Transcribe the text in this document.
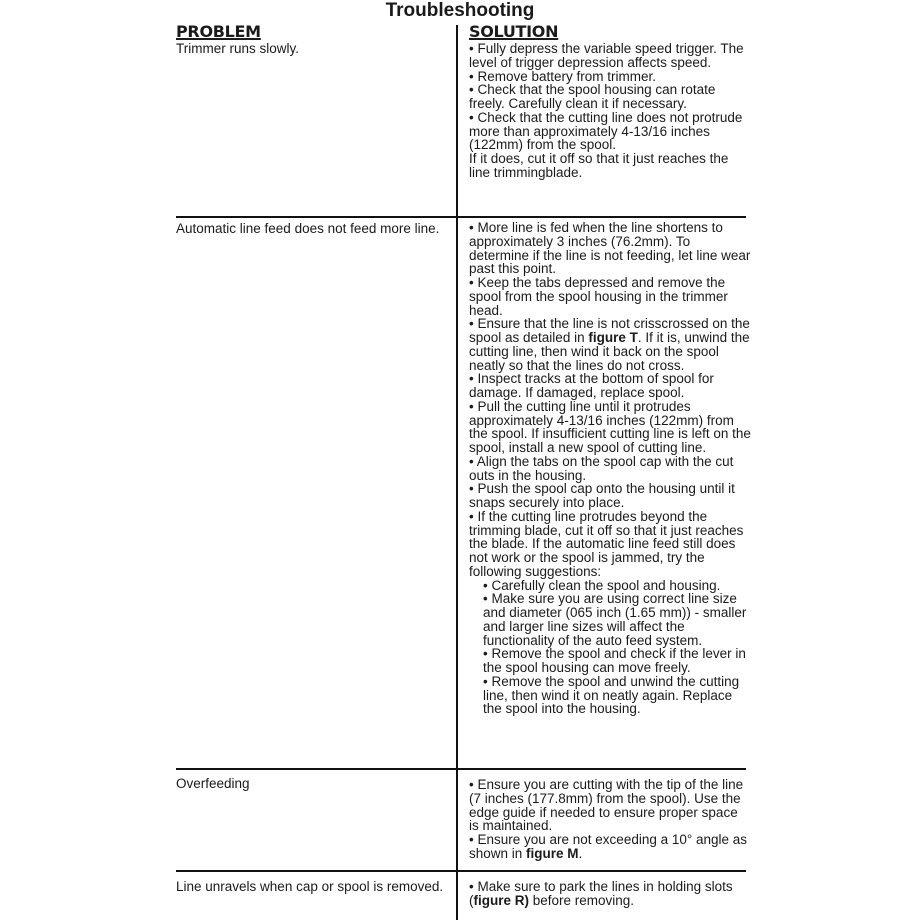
Troubleshooting
PROBLEM	SOLUTION
Trimmer runs slowly.	• Fully depress the variable speed trigger. The level of trigger depression affects speed.

• Remove battery from trimmer.

• Check that the spool housing can rotate freely. Carefully clean it if necessary.

• Check that the cutting line does not protrude more than approximately 4-13/16 inches (122mm) from the spool.

If it does, cut it off so that it just reaches the line trimmingblade.

Automatic line feed does not feed more line.	• More line is fed when the line shortens to approximately 3 inches (76.2mm). To determine if the line is not feeding, let line wear past this point.

• Keep the tabs depressed and remove the spool from the spool housing in the trimmer head.

• Ensure that the line is not crisscrossed on the spool as detailed in figure T. If it is, unwind the cutting line, then wind it back on the spool neatly so that the lines do not cross.

• Inspect tracks at the bottom of spool for damage. If damaged, replace spool.

• Pull the cutting line until it protrudes approximately 4-13/16 inches (122mm) from the spool. If insufficient cutting line is left on the spool, install a new spool of cutting line.

• Align the tabs on the spool cap with the cut outs in the housing.

• Push the spool cap onto the housing until it snaps securely into place.

• If the cutting line protrudes beyond the trimming blade, cut it off so that it just reaches the blade. If the automatic line feed still does not work or the spool is jammed, try the following suggestions:

• Carefully clean the spool and housing.

• Make sure you are using correct line size and diameter (065 inch (1.65 mm)) - smaller and larger line sizes will affect the functionality of the auto feed system.

• Remove the spool and check if the lever in the spool housing can move freely.

• Remove the spool and unwind the cutting line, then wind it on neatly again. Replace the spool into the housing.

Overfeeding	• Ensure you are cutting with the tip of the line (7 inches (177.8mm) from the spool). Use the edge guide if needed to ensure proper space is maintained.

• Ensure you are not exceeding a 10° angle as shown in figure M.

Line unravels when cap or spool is removed. • Make sure to park the lines in holding slots (figure R) before removing.
